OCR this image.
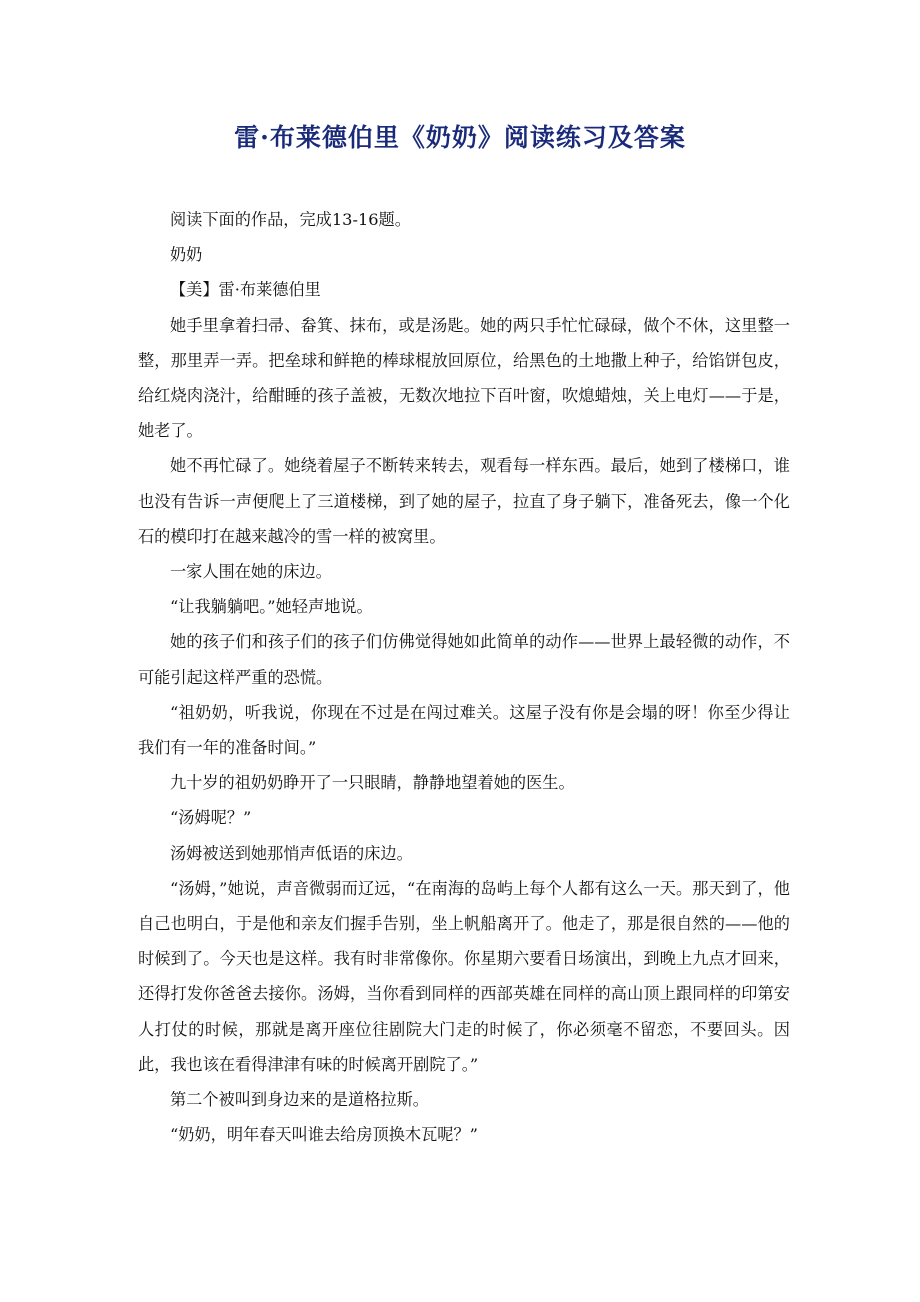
雷·布莱德伯里《奶奶》阅读练习及答案

阅读下面的作品，完成13-16题。

奶奶

【美】雷·布莱德伯里

她手里拿着扫帚、畚箕、抹布，或是汤匙。她的两只手忙忙碌碌，做个不休，这里整一整，那里弄一弄。把垒球和鲜艳的棒球棍放回原位，给黑色的土地撒上种子，给馅饼包皮，给红烧肉浇汁，给酣睡的孩子盖被，无数次地拉下百叶窗，吹熄蜡烛，关上电灯——于是，她老了。

她不再忙碌了。她绕着屋子不断转来转去，观看每一样东西。最后，她到了楼梯口，谁也没有告诉一声便爬上了三道楼梯，到了她的屋子，拉直了身子躺下，准备死去，像一个化石的模印打在越来越冷的雪一样的被窝里。

一家人围在她的床边。

“让我躺躺吧。”她轻声地说。

她的孩子们和孩子们的孩子们仿佛觉得她如此简单的动作——世界上最轻微的动作，不可能引起这样严重的恐慌。

“祖奶奶，听我说，你现在不过是在闯过难关。这屋子没有你是会塌的呀！你至少得让我们有一年的准备时间。”

九十岁的祖奶奶睁开了一只眼睛，静静地望着她的医生。

“汤姆呢？”

汤姆被送到她那悄声低语的床边。

“汤姆，”她说，声音微弱而辽远，“在南海的岛屿上每个人都有这么一天。那天到了，他自己也明白，于是他和亲友们握手告别，坐上帆船离开了。他走了，那是很自然的——他的时候到了。今天也是这样。我有时非常像你。你星期六要看日场演出，到晚上九点才回来，还得打发你爸爸去接你。汤姆，当你看到同样的西部英雄在同样的高山顶上跟同样的印第安人打仗的时候，那就是离开座位往剧院大门走的时候了，你必须毫不留恋，不要回头。因此，我也该在看得津津有味的时候离开剧院了。”

第二个被叫到身边来的是道格拉斯。

“奶奶，明年春天叫谁去给房顶换木瓦呢？”
